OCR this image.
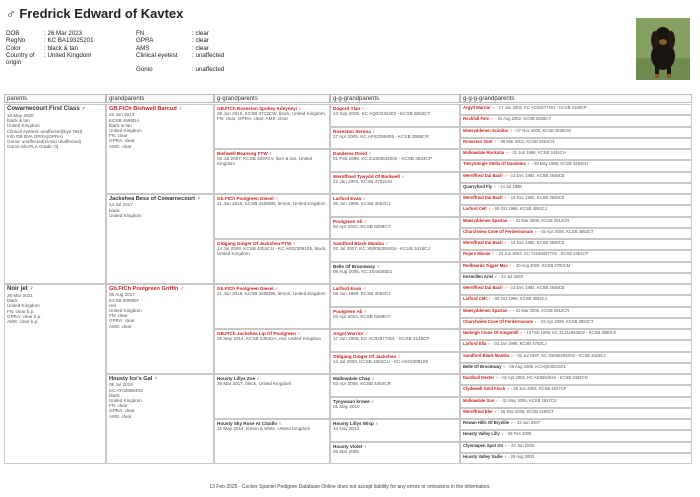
♂ Fredrick Edward of Kavtex
DOB	: 26 Mar 2023	FN	: clear
RegNo	: KC BA19325201	GPRA	: clear
Color	: black & tan	AMS	: clear
Country of origin
: United Kingdom	Clinical eyetest	: unaffected
Gonio	: unaffected
parents	grandparents	g-grandparents	g-g-grandparents	g-g-g-grandparents
Cowarnecourt First Class ♂
19 May 2020
black & tan
United Kingdom
Clinical eyetest: unaffected(Eye Test)
Info GB BVA GPRA(GPRA)
Gonio: unaffected(Gonio unaffected)
Gonio info:PLA Grade: 0)
Noir jet ♀
26 Mar 2021
black
United Kingdom
FN: clear b.p.
GPRA: clear b.p.
AMS: clear b.p.
GB.FtCh Bishwell Barcud ♂
22 Jun 2013
KCSB 4596DA
black & tan
United Kingdom
FN: clear
GPRA: clear
AMS: clear
Jackshea Bess of Cowarnecourt ♀
14 Jul 2017
black
United Kingdom
Gb.FtCh Poolgreen Griffin ♂
06 Aug 2017
KCSB 0098DF
red
United Kingdom
FN: clear
GPRA: clear
AMS: clear
Housty Ice's Gal ♀
08 Jul 2016
KC AY02898402
black
United Kingdom
FN: clear
GPRA: clear
AMS: clear
GB.FtCh Roseston Spokey Adeyneyi ♂
29 Jun 2010, KCSB 3713CW, black, United Kingdom, FN: clear, GPRA: clear, AMS: clear
Bishwell Beansog FTW ♀
02 Jul 2007, KCSB 4087CV, liver & tan, United Kingdom
Gb.FtCh Poolgreen Diesel ♂
21 Jun 2015, KCSB 4405DB, lemon, United Kingdom
Oldgang Ginger Of Jackshea FTW ♀
14 Jul 2009, KCSB 4351CU - KC AK02309105, black, United Kingdom
Gb.FtCh Poolgreen Diesel ♂
21 Jun 2015, KCSB 4405DB, lemon, United Kingdom
GB.FtCh Jackshea Lip Of Poolgreen ♀
25 May 2014, KCSB 4364DA, red, United Kingdom
Housty Lillys Zoe ♀
28 Mar 2017, black, United Kingdom
Housty Sky Rose At Citaillo ♀
31 May 2014, lemon & white, United Kingdom
Dogord Ylan ♂
13 Sep 2006, KC AQ02232403 - KCSB 3553CT
Roseston Serona ♀
27 Apr 2005, KC AF02399405 - KCSB 3586CR
Dandems Droid ♂
01 Feb 1999, KC Z1093042002 - KCSB 3623CP
Wernffrwd Tywydd Of Bishwell ♀
22 Jan 2001, KCSB 4702CM
Larford Evan ♂
06 Jun 1996, KCSB 4063CJ
Poolgreen Ali ♀
03 Apr 2010, KCSB 0269CY
Sandford Black Mamba ♂
02 Jul 2007, KC X5006305S04 - KCSB 3416CJ
Belle Of Broomway ♀
06 Aug 2006, KC Z04406001
Larford Evan ♂
06 Jun 1996, KCSB 4063CJ
Poolgreen Ali ♀
03 Apr 2010, KCSB 0269CY
Angol Warrior ♂
17 Jun 2005, KC AC02677401 - KCSB 3146CP
Oldgang Ginger Of Jackshea ♀
14 Jul 2009, KCSB 4351CU - KC AK02309105
Mallowdale Chap ♂
03 Apr 2005, KCSB 4464CR
Tynywaun krowe ♀
01 May 2010
Housty Lillys Wisp ♀
24 Nov 2013
Housty Violet ♀
05 Mar 2008
Argyll Warrior ♂ - 17 Jun 2002, KC AC02677401 - KCSB 3146CP
Rockfall Fern ♀ - 04 Aug 2002, KCSB 0208CY
Maesyddenen Scimitar ♂ - 07 Nov 2000, KCSB 3626CM
Roseston Soot ♀ - 09 Mar 2001, KCSB 0461CN
Mallowdale Rockstar ♂ - 01 Jun 1996, KCSB 3434CH
Tresymtogle Stella Of Dandems ♀ - 29 May 1995, KCSB 3254CH
Wernffrwd Dai Bach ♂ - 14 Dec 1992, KCSB 3648CE
Quarryford Fly ♀ - 14 Jul 1998
Wernffrwd Dai Bach ♂ - 14 Dec 1992, KCSB 3648CE
Larford Celt ♀ - 09 Oct 1996, KCSB 4062CJ
Maesyddenen Spartan ♂ - 31 Mar 2006, KCSB 3612CR
Churchview Cove Of Ferdermonam ♀ - 02 Apr 2008, KCSB 3853CT
Wernffrwd Dai Bach ♂ - 14 Dec 1992, KCSB 3648CE
Rojers Minnie ♀ - 23 Jun 2003, KC T4186007T03 - KCSB 2451CP
Redbeards Tigger Mac ♂ - 20 Aug 2000, KCSB 3700CM
Kesmillen Ariel ♀ - 24 Jul 2003
Wernffrwd Dai Bach ♂ - 14 Dec 1992, KCSB 3648CE
Larford Celt ♀ - 09 Oct 1996, KCSB 4062CJ
Maesyddenen Spartan ♂ - 31 Mar 2006, KCSB 3612CR
Churchview Cove Of Ferdermonam ♀ - 02 Apr 2008, KCSB 3853CT
Nerleigh Clone Of Kingsmill ♂ - 13 Feb 1999, KC Z1311993Z02 - KCSB 3860CK
Larford Ella ♀ - 03 Jan 1998, KCSB 4703CJ
Sandford Black Mamba ♂ - 02 Jul 1997, KC X5006405S04 - KCSB 3416CJ
Belle Of Broomway ♀ - 06 Aug 2006, KCAQ04024101
Dardholl Dexter ♂ - 02 Apr 2002, KC AD0804944 - KCSB 3462CN
Clydewell Gold Finch ♀ - 25 Jun 2003, KCSB 4027CP
Mallowdale Sun ♂ - 31 May 2006, KCSB 2547CS
Wernffrwd Ebe ♀ - 26 Sep 2005, KCSB 4260CT
Rowan Hills Of Brynllie ♂ - 23 Jun 2007
Housty Valley Lilly ♀ - 28 Feb 2009
Clynmapen Spot On ♂ - 24 Jun 2003
Housty Valley Sadie ♀ - 29 Aug 2003
13 Feb 2025 - Cocker Spaniel Pedigree Database Online does not accept liability for any errors or omissions in the information.
